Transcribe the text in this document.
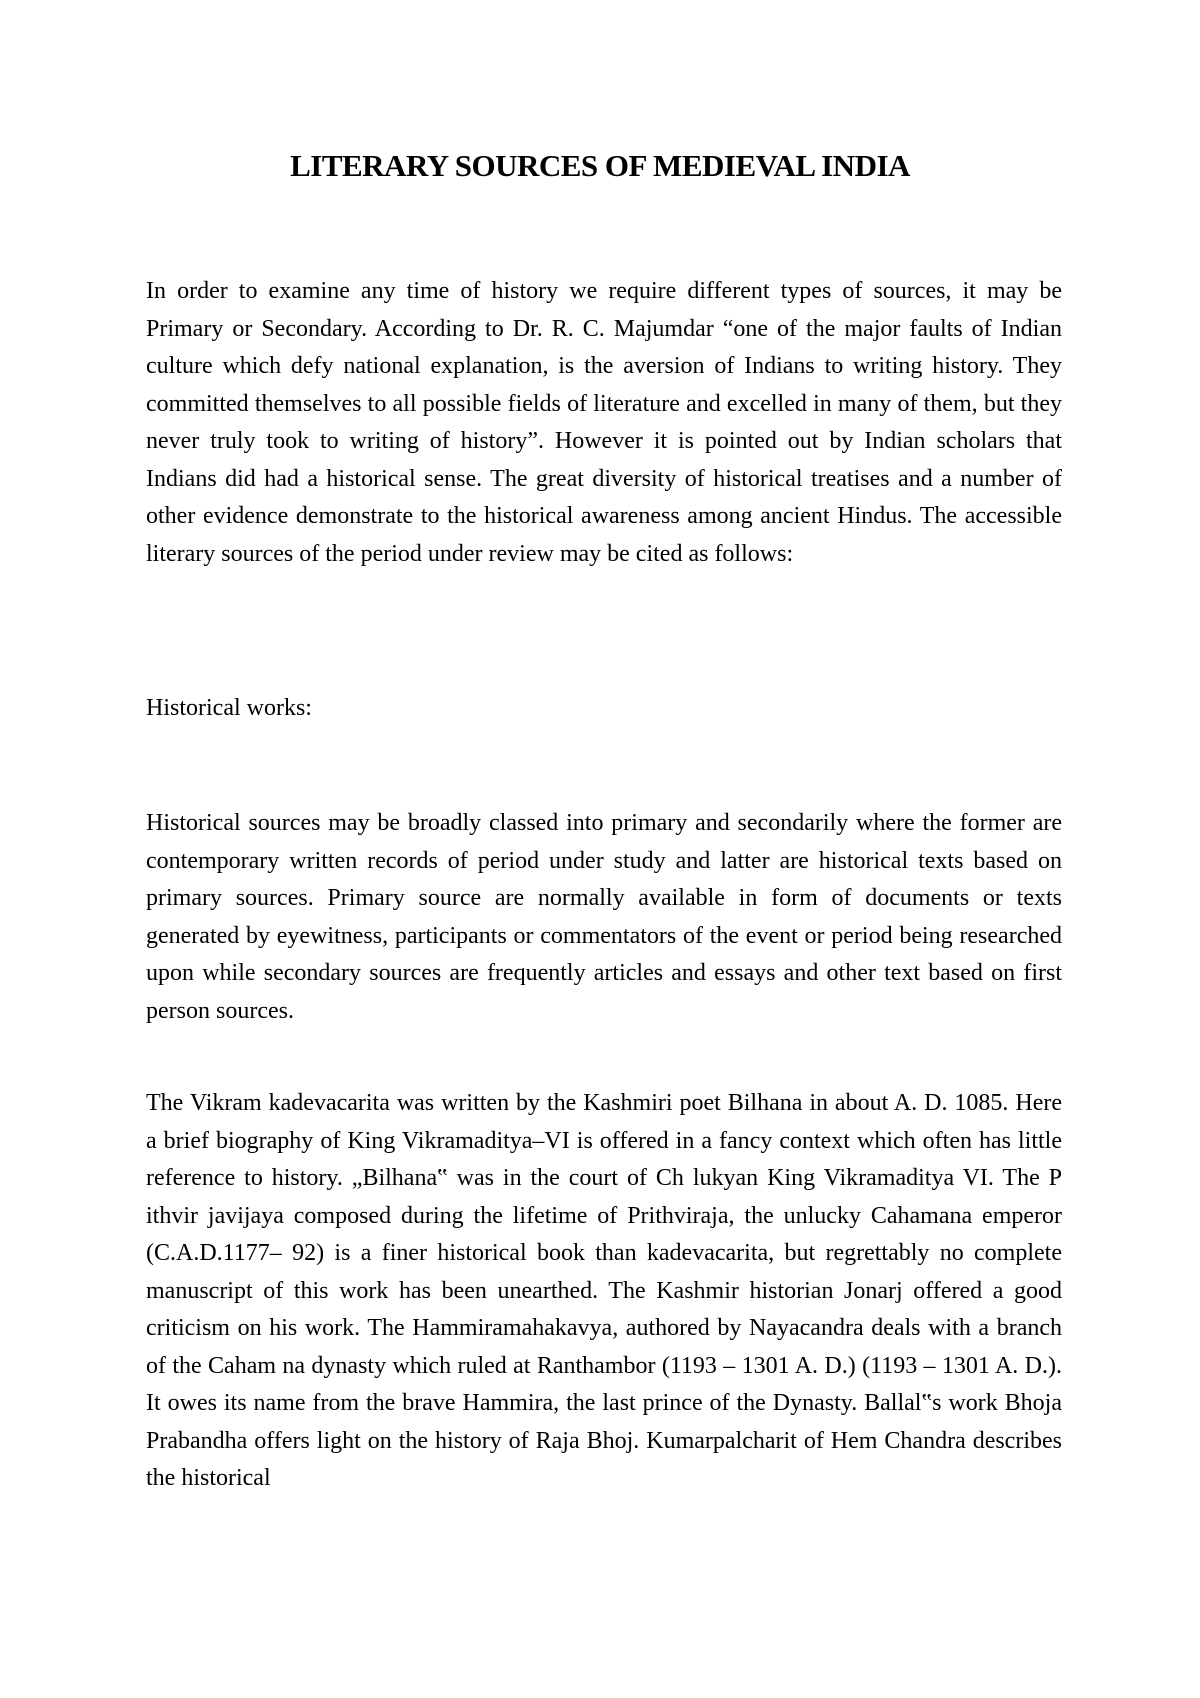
LITERARY SOURCES OF MEDIEVAL INDIA

In order to examine any time of history we require different types of sources, it may be Primary or Secondary. According to Dr. R. C. Majumdar “one of the major faults of Indian culture which defy national explanation, is the aversion of Indians to writing history. They committed themselves to all possible fields of literature and excelled in many of them, but they never truly took to writing of history”. However it is pointed out by Indian scholars that Indians did had a historical sense. The great diversity of historical treatises and a number of other evidence demonstrate to the historical awareness among ancient Hindus. The accessible literary sources of the period under review may be cited as follows:

Historical works:

Historical sources may be broadly classed into primary and secondarily where the former are contemporary written records of period under study and latter are historical texts based on primary sources. Primary source are normally available in form of documents or texts generated by eyewitness, participants or commentators of the event or period being researched upon while secondary sources are frequently articles and essays and other text based on first person sources.

The Vikram kadevacarita was written by the Kashmiri poet Bilhana in about A. D. 1085. Here a brief biography of King Vikramaditya–VI is offered in a fancy context which often has little reference to history. „Bilhana‟ was in the court of Ch lukyan King Vikramaditya VI. The P ithvir javijaya composed during the lifetime of Prithviraja, the unlucky Cahamana emperor (C.A.D.1177– 92) is a finer historical book than kadevacarita, but regrettably no complete manuscript of this work has been unearthed. The Kashmir historian Jonarj offered a good criticism on his work. The Hammiramahakavya, authored by Nayacandra deals with a branch of the Caham na dynasty which ruled at Ranthambor (1193 – 1301 A. D.) (1193 – 1301 A. D.). It owes its name from the brave Hammira, the last prince of the Dynasty. Ballal‟s work Bhoja Prabandha offers light on the history of Raja Bhoj. Kumarpalcharit of Hem Chandra describes the historical
